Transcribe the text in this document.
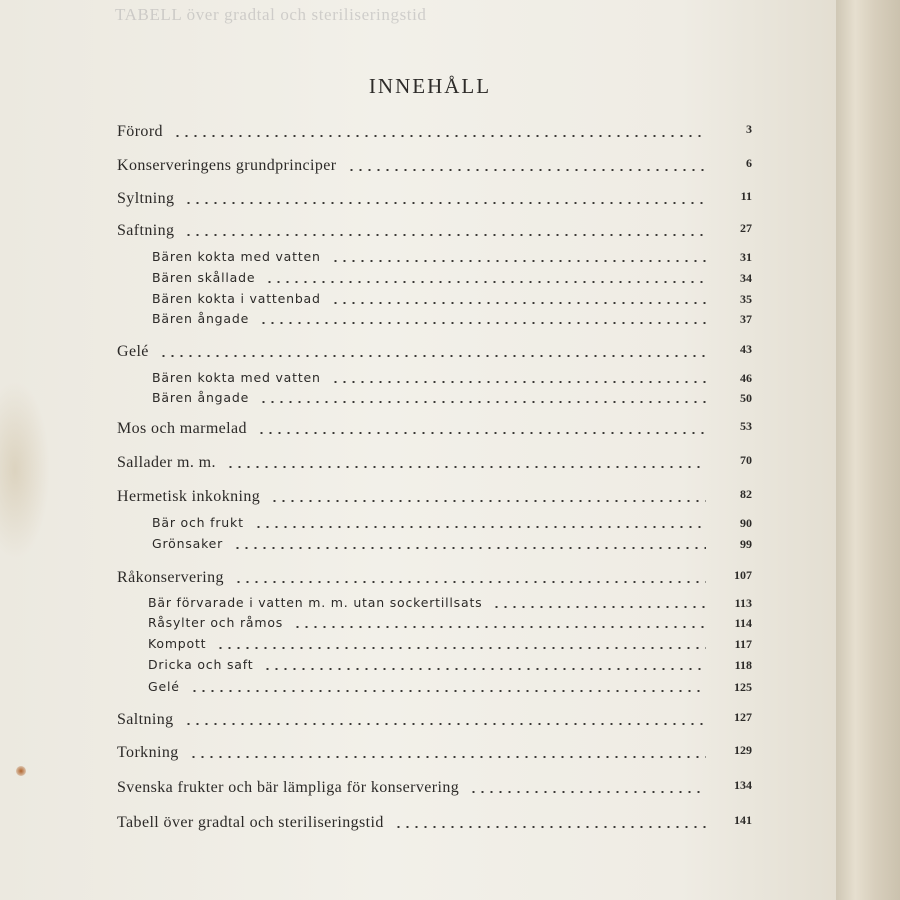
TABELL över gradtal och steriliseringstid
INNEHÅLL
Förord	3
Konserveringens grundprinciper	6
Syltning	11
Saftning	27
Bären kokta med vatten	31
Bären skållade	34
Bären kokta i vattenbad	35
Bären ångade	37
Gelé	43
Bären kokta med vatten	46
Bären ångade	50
Mos och marmelad	53
Sallader m. m.	70
Hermetisk inkokning	82
Bär och frukt	90
Grönsaker	99
Råkonservering	107
Bär förvarade i vatten m. m. utan sockertillsats	113
Råsylter och råmos	114
Kompott	117
Dricka och saft	118
Gelé	125
Saltning	127
Torkning	129
Svenska frukter och bär lämpliga för konservering	134
Tabell över gradtal och steriliseringstid	141
